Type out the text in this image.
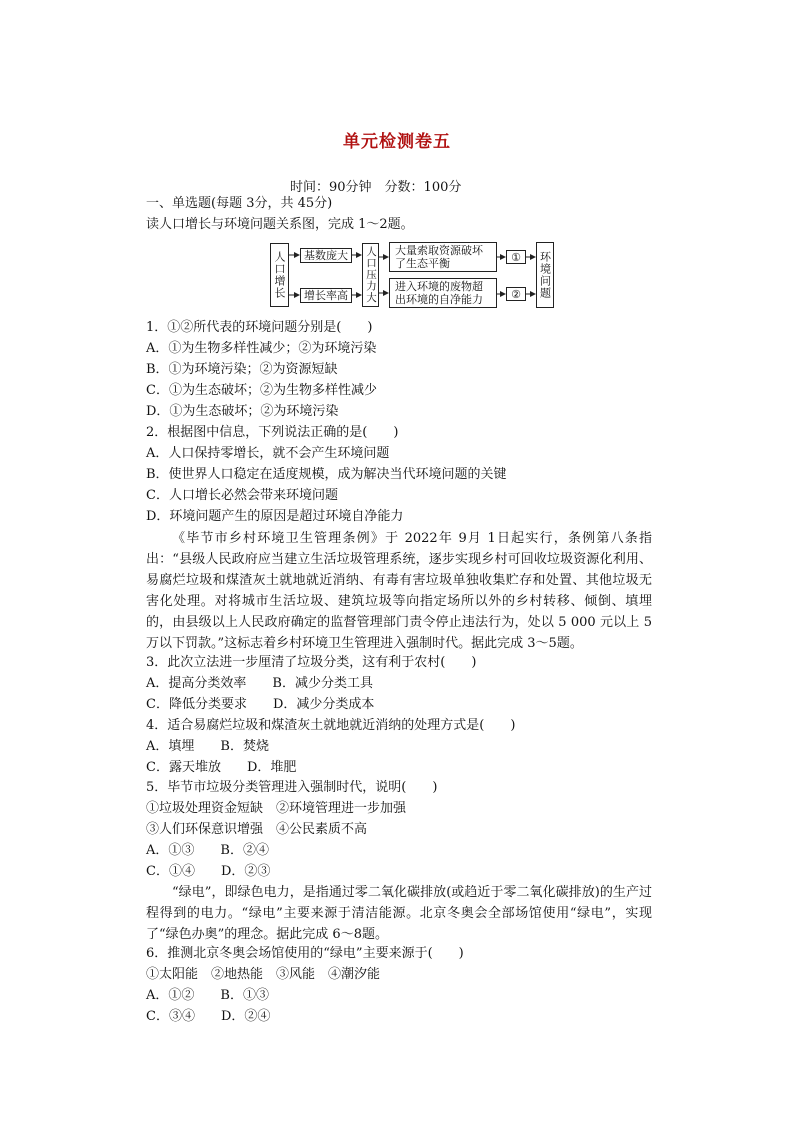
单元检测卷五
时间：90分钟　分数：100分
一、单选题(每题 3分，共 45分)
读人口增长与环境问题关系图，完成 1～2题。
人口增长	基数庞大
增长率高	人口压力大	大量索取资源破坏了生态平衡
进入环境的废物超出环境的自净能力
①
②	环境问题
1．①②所代表的环境问题分别是(　　)
A．①为生物多样性减少；②为环境污染
B．①为环境污染；②为资源短缺
C．①为生态破坏；②为生物多样性减少
D．①为生态破坏；②为环境污染
2．根据图中信息，下列说法正确的是(　　)
A．人口保持零增长，就不会产生环境问题
B．使世界人口稳定在适度规模，成为解决当代环境问题的关键
C．人口增长必然会带来环境问题
D．环境问题产生的原因是超过环境自净能力
《毕节市乡村环境卫生管理条例》于 2022年 9月 1日起实行，条例第八条指出：“县级人民政府应当建立生活垃圾管理系统，逐步实现乡村可回收垃圾资源化利用、易腐烂垃圾和煤渣灰土就地就近消纳、有毒有害垃圾单独收集贮存和处置、其他垃圾无害化处理。对将城市生活垃圾、建筑垃圾等向指定场所以外的乡村转移、倾倒、填埋的，由县级以上人民政府确定的监督管理部门责令停止违法行为，处以 5 000 元以上 5 万以下罚款。”这标志着乡村环境卫生管理进入强制时代。据此完成 3～5题。
3．此次立法进一步厘清了垃圾分类，这有利于农村(　　)
A．提高分类效率　　B．减少分类工具
C．降低分类要求　　D．减少分类成本
4．适合易腐烂垃圾和煤渣灰土就地就近消纳的处理方式是(　　)
A．填埋　　B．焚烧
C．露天堆放　　D．堆肥
5．毕节市垃圾分类管理进入强制时代，说明(　　)
①垃圾处理资金短缺　②环境管理进一步加强
③人们环保意识增强　④公民素质不高
A．①③　　B．②④
C．①④　　D．②③
“绿电”，即绿色电力，是指通过零二氧化碳排放(或趋近于零二氧化碳排放)的生产过程得到的电力。“绿电”主要来源于清洁能源。北京冬奥会全部场馆使用“绿电”，实现了“绿色办奥”的理念。据此完成 6～8题。
6．推测北京冬奥会场馆使用的“绿电”主要来源于(　　)
①太阳能　②地热能　③风能　④潮汐能
A．①②　　B．①③
C．③④　　D．②④
